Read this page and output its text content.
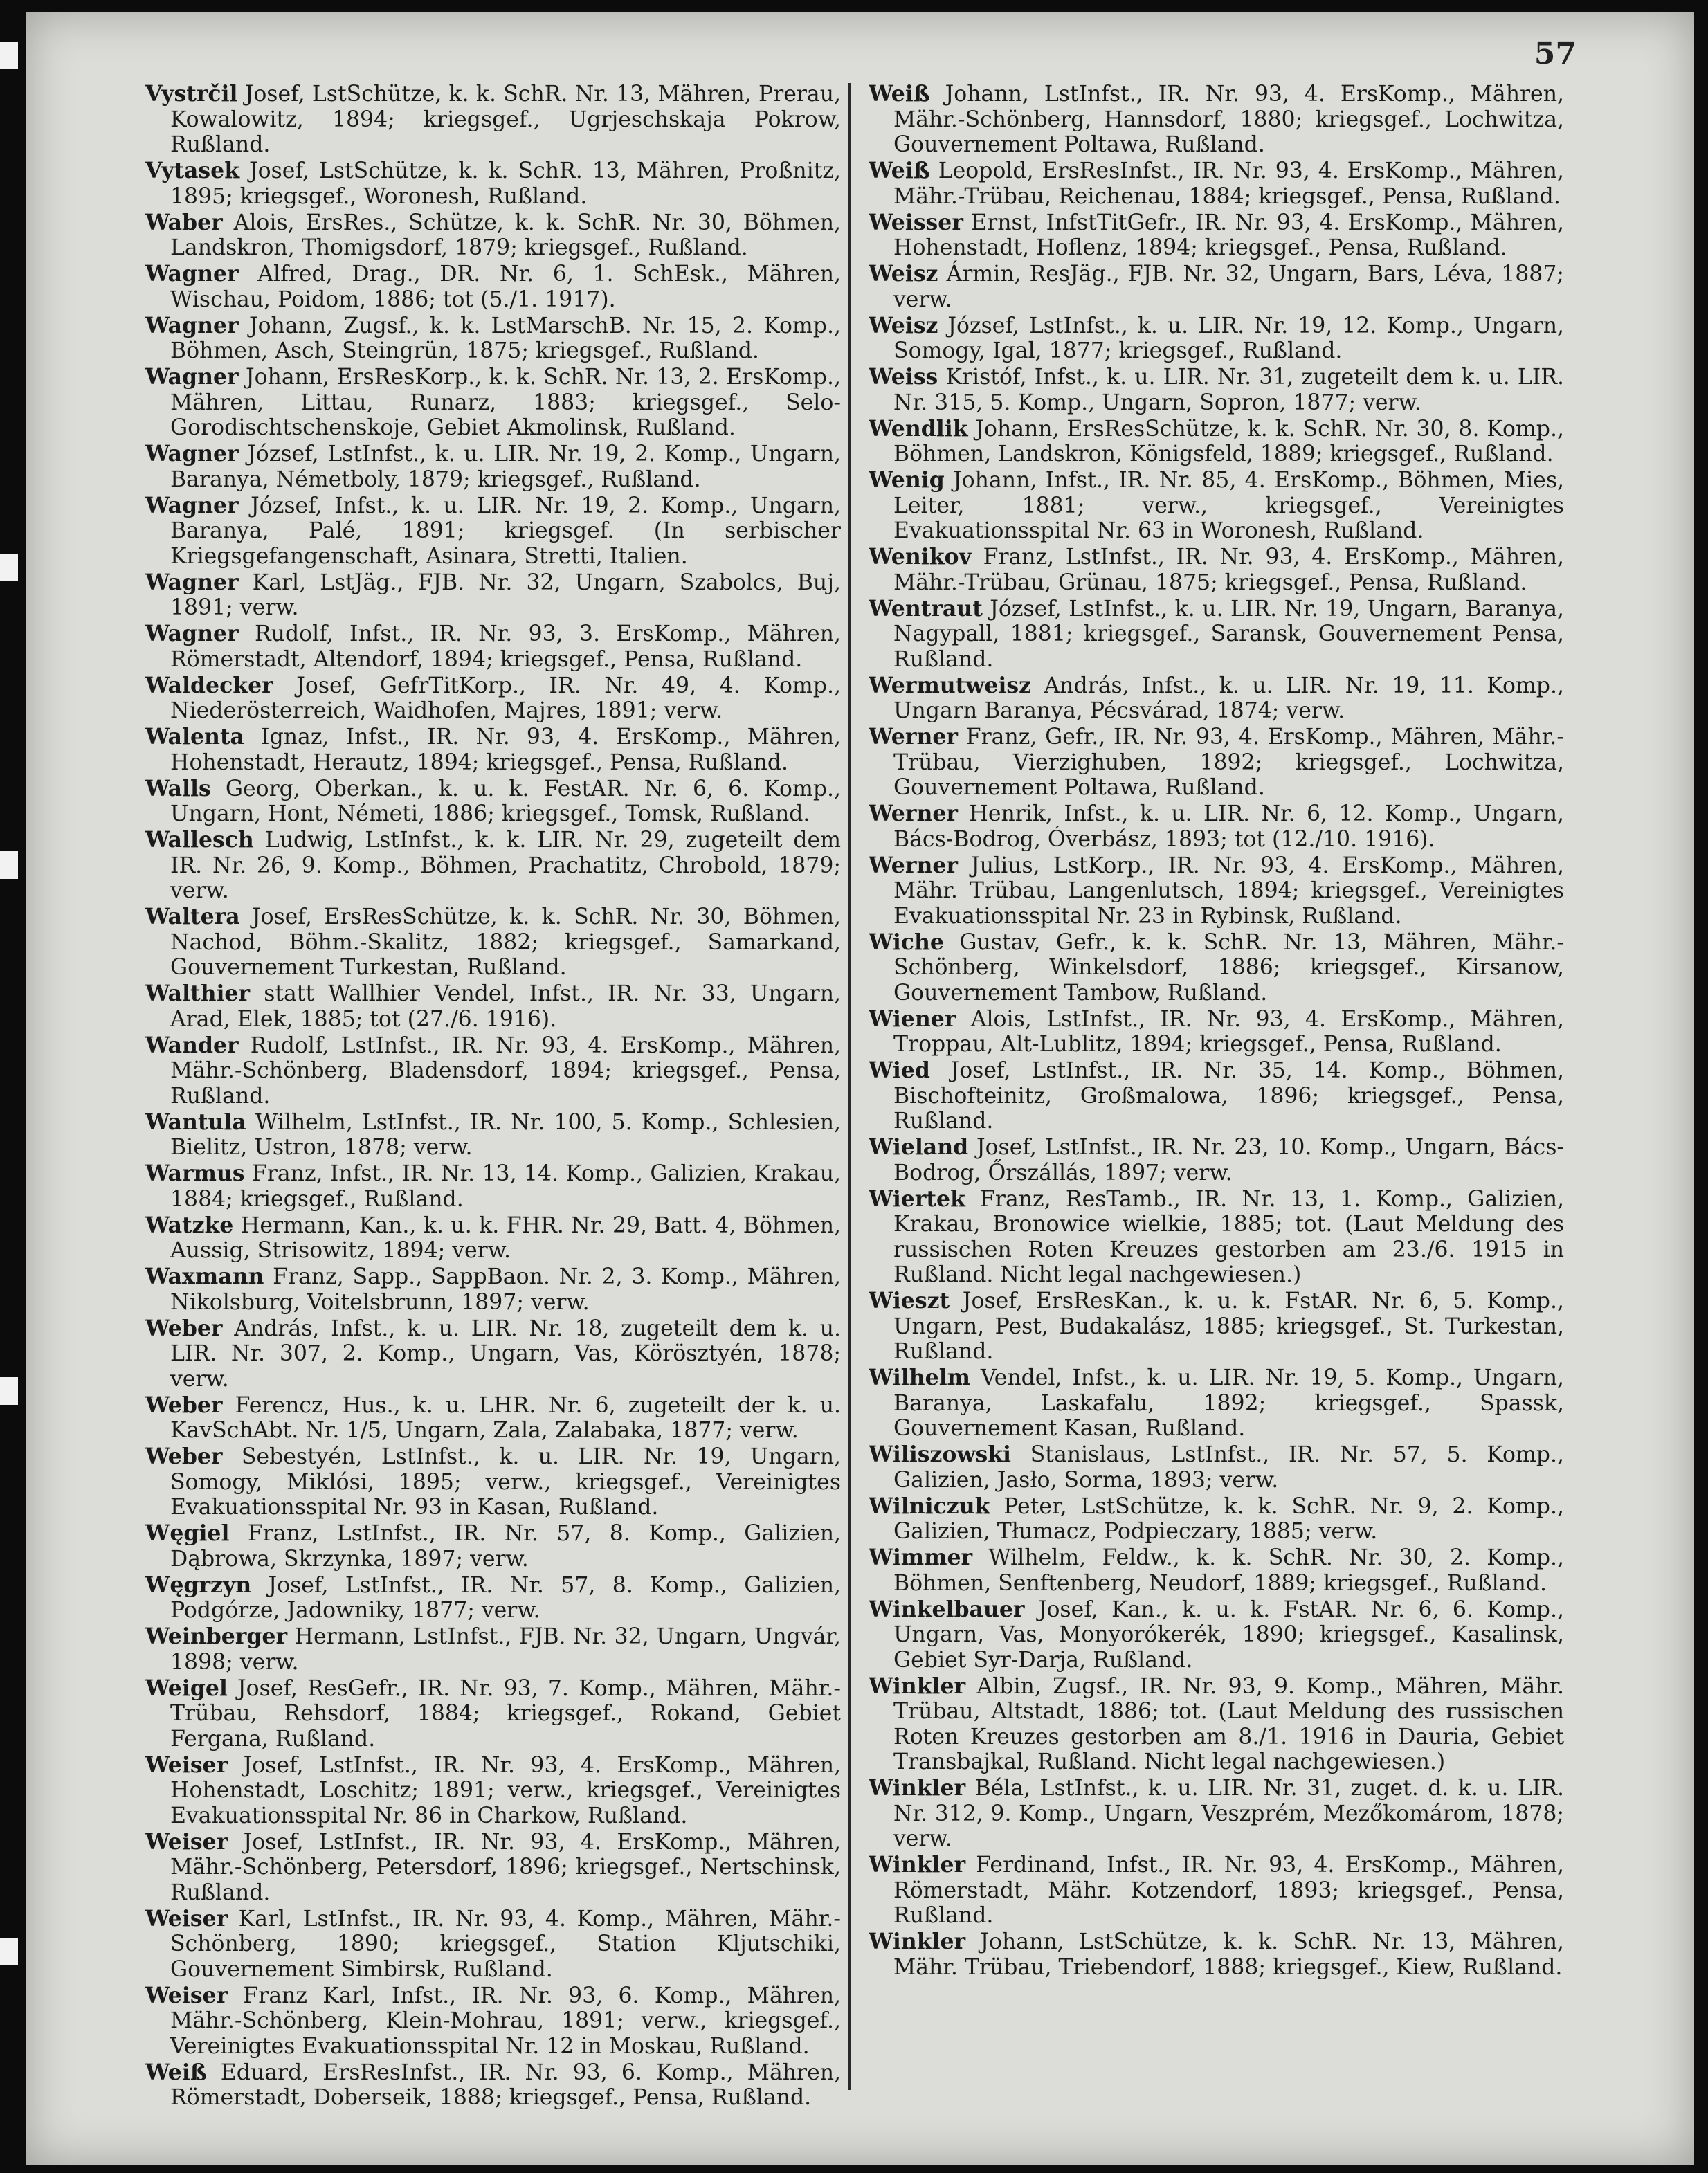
57

Vystrčil Josef, LstSchütze, k. k. SchR. Nr. 13, Mähren, Prerau, Kowalowitz, 1894; kriegsgef., Ugrjeschskaja Pokrow, Rußland.

Vytasek Josef, LstSchütze, k. k. SchR. 13, Mähren, Proßnitz, 1895; kriegsgef., Woronesh, Rußland.

Waber Alois, ErsRes., Schütze, k. k. SchR. Nr. 30, Böhmen, Landskron, Thomigsdorf, 1879; kriegsgef., Rußland.

Wagner Alfred, Drag., DR. Nr. 6, 1. SchEsk., Mähren, Wischau, Poidom, 1886; tot (5./1. 1917).

Wagner Johann, Zugsf., k. k. LstMarschB. Nr. 15, 2. Komp., Böhmen, Asch, Steingrün, 1875; kriegsgef., Rußland.

Wagner Johann, ErsResKorp., k. k. SchR. Nr. 13, 2. ErsKomp., Mähren, Littau, Runarz, 1883; kriegsgef., Selo-Gorodischtschenskoje, Gebiet Akmolinsk, Rußland.

Wagner József, LstInfst., k. u. LIR. Nr. 19, 2. Komp., Ungarn, Baranya, Németboly, 1879; kriegsgef., Rußland.

Wagner József, Infst., k. u. LIR. Nr. 19, 2. Komp., Ungarn, Baranya, Palé, 1891; kriegsgef. (In serbischer Kriegsgefangenschaft, Asinara, Stretti, Italien.

Wagner Karl, LstJäg., FJB. Nr. 32, Ungarn, Szabolcs, Buj, 1891; verw.

Wagner Rudolf, Infst., IR. Nr. 93, 3. ErsKomp., Mähren, Römerstadt, Altendorf, 1894; kriegsgef., Pensa, Rußland.

Waldecker Josef, GefrTitKorp., IR. Nr. 49, 4. Komp., Niederösterreich, Waidhofen, Majres, 1891; verw.

Walenta Ignaz, Infst., IR. Nr. 93, 4. ErsKomp., Mähren, Hohenstadt, Herautz, 1894; kriegsgef., Pensa, Rußland.

Walls Georg, Oberkan., k. u. k. FestAR. Nr. 6, 6. Komp., Ungarn, Hont, Németi, 1886; kriegsgef., Tomsk, Rußland.

Wallesch Ludwig, LstInfst., k. k. LIR. Nr. 29, zugeteilt dem IR. Nr. 26, 9. Komp., Böhmen, Prachatitz, Chrobold, 1879; verw.

Waltera Josef, ErsResSchütze, k. k. SchR. Nr. 30, Böhmen, Nachod, Böhm.-Skalitz, 1882; kriegsgef., Samarkand, Gouvernement Turkestan, Rußland.

Walthier statt Wallhier Vendel, Infst., IR. Nr. 33, Ungarn, Arad, Elek, 1885; tot (27./6. 1916).

Wander Rudolf, LstInfst., IR. Nr. 93, 4. ErsKomp., Mähren, Mähr.-Schönberg, Bladensdorf, 1894; kriegsgef., Pensa, Rußland.

Wantula Wilhelm, LstInfst., IR. Nr. 100, 5. Komp., Schlesien, Bielitz, Ustron, 1878; verw.

Warmus Franz, Infst., IR. Nr. 13, 14. Komp., Galizien, Krakau, 1884; kriegsgef., Rußland.

Watzke Hermann, Kan., k. u. k. FHR. Nr. 29, Batt. 4, Böhmen, Aussig, Strisowitz, 1894; verw.

Waxmann Franz, Sapp., SappBaon. Nr. 2, 3. Komp., Mähren, Nikolsburg, Voitelsbrunn, 1897; verw.

Weber András, Infst., k. u. LIR. Nr. 18, zugeteilt dem k. u. LIR. Nr. 307, 2. Komp., Ungarn, Vas, Körösztyén, 1878; verw.

Weber Ferencz, Hus., k. u. LHR. Nr. 6, zugeteilt der k. u. KavSchAbt. Nr. 1/5, Ungarn, Zala, Zalabaka, 1877; verw.

Weber Sebestyén, LstInfst., k. u. LIR. Nr. 19, Ungarn, Somogy, Miklósi, 1895; verw., kriegsgef., Vereinigtes Evakuationsspital Nr. 93 in Kasan, Rußland.

Węgiel Franz, LstInfst., IR. Nr. 57, 8. Komp., Galizien, Dąbrowa, Skrzynka, 1897; verw.

Węgrzyn Josef, LstInfst., IR. Nr. 57, 8. Komp., Galizien, Podgórze, Jadowniky, 1877; verw.

Weinberger Hermann, LstInfst., FJB. Nr. 32, Ungarn, Ungvár, 1898; verw.

Weigel Josef, ResGefr., IR. Nr. 93, 7. Komp., Mähren, Mähr.-Trübau, Rehsdorf, 1884; kriegsgef., Rokand, Gebiet Fergana, Rußland.

Weiser Josef, LstInfst., IR. Nr. 93, 4. ErsKomp., Mähren, Hohenstadt, Loschitz; 1891; verw., kriegsgef., Vereinigtes Evakuationsspital Nr. 86 in Charkow, Rußland.

Weiser Josef, LstInfst., IR. Nr. 93, 4. ErsKomp., Mähren, Mähr.-Schönberg, Petersdorf, 1896; kriegsgef., Nertschinsk, Rußland.

Weiser Karl, LstInfst., IR. Nr. 93, 4. Komp., Mähren, Mähr.-Schönberg, 1890; kriegsgef., Station Kljutschiki, Gouvernement Simbirsk, Rußland.

Weiser Franz Karl, Infst., IR. Nr. 93, 6. Komp., Mähren, Mähr.-Schönberg, Klein-Mohrau, 1891; verw., kriegsgef., Vereinigtes Evakuationsspital Nr. 12 in Moskau, Rußland.

Weiß Eduard, ErsResInfst., IR. Nr. 93, 6. Komp., Mähren, Römerstadt, Doberseik, 1888; kriegsgef., Pensa, Rußland.

Weiß Johann, LstInfst., IR. Nr. 93, 4. ErsKomp., Mähren, Mähr.-Schönberg, Hannsdorf, 1880; kriegsgef., Lochwitza, Gouvernement Poltawa, Rußland.

Weiß Leopold, ErsResInfst., IR. Nr. 93, 4. ErsKomp., Mähren, Mähr.-Trübau, Reichenau, 1884; kriegsgef., Pensa, Rußland.

Weisser Ernst, InfstTitGefr., IR. Nr. 93, 4. ErsKomp., Mähren, Hohenstadt, Hoflenz, 1894; kriegsgef., Pensa, Rußland.

Weisz Ármin, ResJäg., FJB. Nr. 32, Ungarn, Bars, Léva, 1887; verw.

Weisz József, LstInfst., k. u. LIR. Nr. 19, 12. Komp., Ungarn, Somogy, Igal, 1877; kriegsgef., Rußland.

Weiss Kristóf, Infst., k. u. LIR. Nr. 31, zugeteilt dem k. u. LIR. Nr. 315, 5. Komp., Ungarn, Sopron, 1877; verw.

Wendlik Johann, ErsResSchütze, k. k. SchR. Nr. 30, 8. Komp., Böhmen, Landskron, Königsfeld, 1889; kriegsgef., Rußland.

Wenig Johann, Infst., IR. Nr. 85, 4. ErsKomp., Böhmen, Mies, Leiter, 1881; verw., kriegsgef., Vereinigtes Evakuationsspital Nr. 63 in Woronesh, Rußland.

Wenikov Franz, LstInfst., IR. Nr. 93, 4. ErsKomp., Mähren, Mähr.-Trübau, Grünau, 1875; kriegsgef., Pensa, Rußland.

Wentraut József, LstInfst., k. u. LIR. Nr. 19, Ungarn, Baranya, Nagypall, 1881; kriegsgef., Saransk, Gouvernement Pensa, Rußland.

Wermutweisz András, Infst., k. u. LIR. Nr. 19, 11. Komp., Ungarn Baranya, Pécsvárad, 1874; verw.

Werner Franz, Gefr., IR. Nr. 93, 4. ErsKomp., Mähren, Mähr.-Trübau, Vierzighuben, 1892; kriegsgef., Lochwitza, Gouvernement Poltawa, Rußland.

Werner Henrik, Infst., k. u. LIR. Nr. 6, 12. Komp., Ungarn, Bács-Bodrog, Óverbász, 1893; tot (12./10. 1916).

Werner Julius, LstKorp., IR. Nr. 93, 4. ErsKomp., Mähren, Mähr. Trübau, Langenlutsch, 1894; kriegsgef., Vereinigtes Evakuationsspital Nr. 23 in Rybinsk, Rußland.

Wiche Gustav, Gefr., k. k. SchR. Nr. 13, Mähren, Mähr.-Schönberg, Winkelsdorf, 1886; kriegsgef., Kirsanow, Gouvernement Tambow, Rußland.

Wiener Alois, LstInfst., IR. Nr. 93, 4. ErsKomp., Mähren, Troppau, Alt-Lublitz, 1894; kriegsgef., Pensa, Rußland.

Wied Josef, LstInfst., IR. Nr. 35, 14. Komp., Böhmen, Bischofteinitz, Großmalowa, 1896; kriegsgef., Pensa, Rußland.

Wieland Josef, LstInfst., IR. Nr. 23, 10. Komp., Ungarn, Bács-Bodrog, Őrszállás, 1897; verw.

Wiertek Franz, ResTamb., IR. Nr. 13, 1. Komp., Galizien, Krakau, Bronowice wielkie, 1885; tot. (Laut Meldung des russischen Roten Kreuzes gestorben am 23./6. 1915 in Rußland. Nicht legal nachgewiesen.)

Wieszt Josef, ErsResKan., k. u. k. FstAR. Nr. 6, 5. Komp., Ungarn, Pest, Budakalász, 1885; kriegsgef., St. Turkestan, Rußland.

Wilhelm Vendel, Infst., k. u. LIR. Nr. 19, 5. Komp., Ungarn, Baranya, Laskafalu, 1892; kriegsgef., Spassk, Gouvernement Kasan, Rußland.

Wiliszowski Stanislaus, LstInfst., IR. Nr. 57, 5. Komp., Galizien, Jasło, Sorma, 1893; verw.

Wilniczuk Peter, LstSchütze, k. k. SchR. Nr. 9, 2. Komp., Galizien, Tłumacz, Podpieczary, 1885; verw.

Wimmer Wilhelm, Feldw., k. k. SchR. Nr. 30, 2. Komp., Böhmen, Senftenberg, Neudorf, 1889; kriegsgef., Rußland.

Winkelbauer Josef, Kan., k. u. k. FstAR. Nr. 6, 6. Komp., Ungarn, Vas, Monyorókerék, 1890; kriegsgef., Kasalinsk, Gebiet Syr-Darja, Rußland.

Winkler Albin, Zugsf., IR. Nr. 93, 9. Komp., Mähren, Mähr. Trübau, Altstadt, 1886; tot. (Laut Meldung des russischen Roten Kreuzes gestorben am 8./1. 1916 in Dauria, Gebiet Transbajkal, Rußland. Nicht legal nachgewiesen.)

Winkler Béla, LstInfst., k. u. LIR. Nr. 31, zuget. d. k. u. LIR. Nr. 312, 9. Komp., Ungarn, Veszprém, Mezőkomárom, 1878; verw.

Winkler Ferdinand, Infst., IR. Nr. 93, 4. ErsKomp., Mähren, Römerstadt, Mähr. Kotzendorf, 1893; kriegsgef., Pensa, Rußland.

Winkler Johann, LstSchütze, k. k. SchR. Nr. 13, Mähren, Mähr. Trübau, Triebendorf, 1888; kriegsgef., Kiew, Rußland.
